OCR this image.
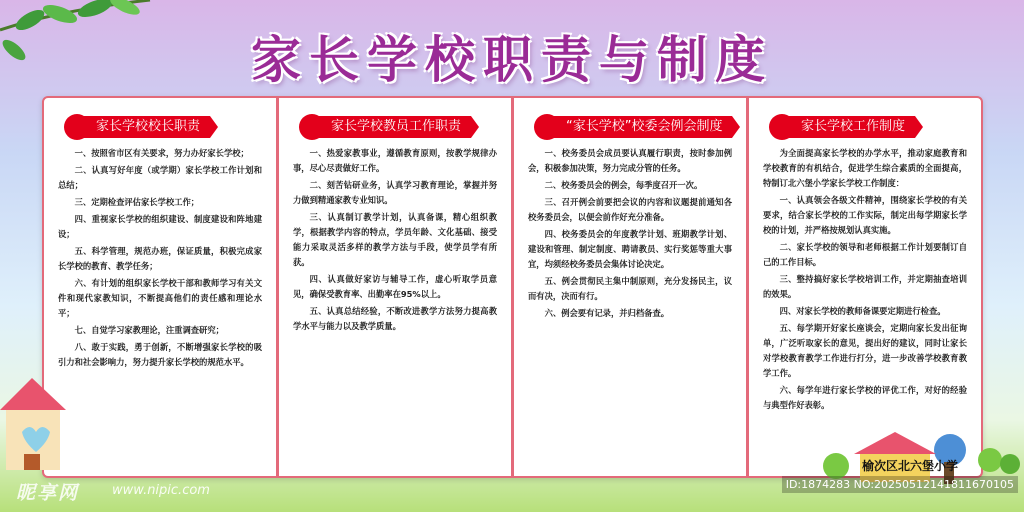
家长学校职责与制度
家长学校校长职责

一、按照省市区有关要求，努力办好家长学校；

二、认真写好年度（或学期）家长学校工作计划和总结；

三、定期检查评估家长学校工作；

四、重视家长学校的组织建设、制度建设和阵地建设；

五、科学管理，规范办班，保证质量，积极完成家长学校的教育、教学任务；

六、有计划的组织家长学校干部和教师学习有关文件和现代家教知识，不断提高他们的责任感和理论水平；

七、自觉学习家教理论，注重调查研究；

八、敢于实践，勇于创新，不断增强家长学校的吸引力和社会影响力，努力提升家长学校的规范水平。

家长学校教员工作职责

一、热爱家教事业，遵循教育原则，按教学规律办事，尽心尽责做好工作。

二、刻苦钻研业务，认真学习教育理论，掌握并努力做到精通家教专业知识。

三、认真制订教学计划，认真备课，精心组织教学，根据教学内容的特点，学员年龄、文化基础、接受能力采取灵活多样的教学方法与手段，使学员学有所获。

四、认真做好家访与辅导工作，虚心听取学员意见，确保受教育率、出勤率在95%以上。

五、认真总结经验，不断改进教学方法努力提高教学水平与能力以及教学质量。

“家长学校”校委会例会制度

一、校务委员会成员要认真履行职责，按时参加例会，积极参加决策，努力完成分管的任务。

二、校务委员会的例会，每季度召开一次。

三、召开例会前要把会议的内容和议题提前通知各校务委员会，以便会前作好充分准备。

四、校务委员会的年度教学计划、班期教学计划、建设和管理、制定制度、聘请教员、实行奖惩等重大事宜，均须经校务委员会集体讨论决定。

五、例会贯彻民主集中制原则，充分发扬民主，议而有决，决而有行。

六、例会要有记录，并归档备查。

家长学校工作制度

为全面提高家长学校的办学水平，推动家庭教育和学校教育的有机结合，促进学生综合素质的全面提高，特制订北六堡小学家长学校工作制度：

一、认真领会各级文件精神，围绕家长学校的有关要求，结合家长学校的工作实际，制定出每学期家长学校的计划，并严格按规划认真实施。

二、家长学校的领导和老师根据工作计划要制订自己的工作目标。

三、整持搞好家长学校培训工作，并定期抽查培训的效果。

四、对家长学校的教师备课要定期进行检查。

五、每学期开好家长座谈会，定期向家长发出征询单，广泛听取家长的意见，提出好的建议，同时让家长对学校教育教学工作进行打分，进一步改善学校教育教学工作。

六、每学年进行家长学校的评优工作，对好的经验与典型作好表彰。

榆次区北六堡小学
昵享网	www.nipic.com	ID:1874283 NO:20250512141811670105
